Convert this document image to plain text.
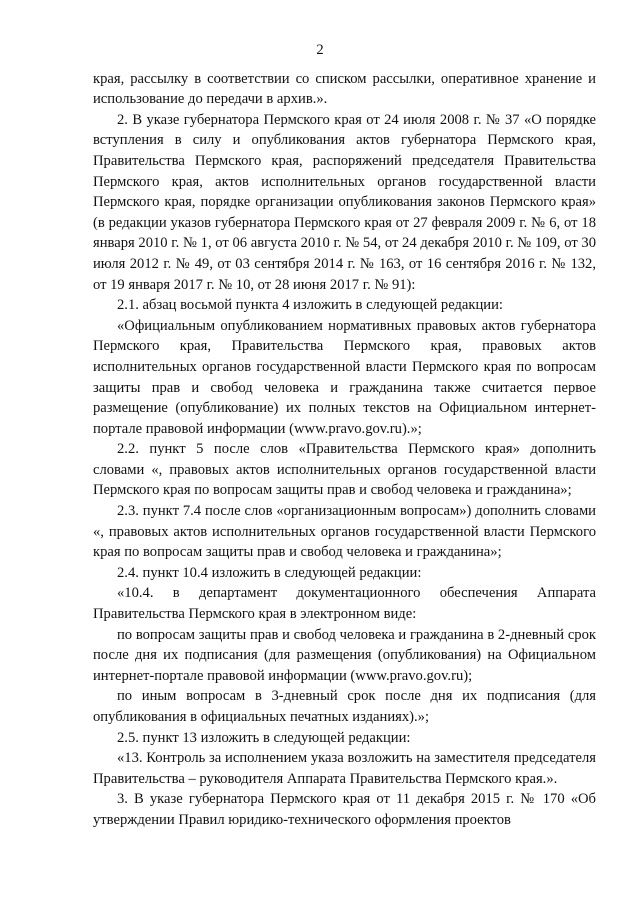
2

края, рассылку в соответствии со списком рассылки, оперативное хранение и использование до передачи в архив.».

2. В указе губернатора Пермского края от 24 июля 2008 г. № 37 «О порядке вступления в силу и опубликования актов губернатора Пермского края, Правительства Пермского края, распоряжений председателя Правительства Пермского края, актов исполнительных органов государственной власти Пермского края, порядке организации опубликования законов Пермского края» (в редакции указов губернатора Пермского края от 27 февраля 2009 г. № 6, от 18 января 2010 г. № 1, от 06 августа 2010 г. № 54, от 24 декабря 2010 г. № 109, от 30 июля 2012 г. № 49, от 03 сентября 2014 г. № 163, от 16 сентября 2016 г. № 132, от 19 января 2017 г. № 10, от 28 июня 2017 г. № 91):

2.1. абзац восьмой пункта 4 изложить в следующей редакции:

«Официальным опубликованием нормативных правовых актов губернатора Пермского края, Правительства Пермского края, правовых актов исполнительных органов государственной власти Пермского края по вопросам защиты прав и свобод человека и гражданина также считается первое размещение (опубликование) их полных текстов на Официальном интернет-портале правовой информации (www.pravo.gov.ru).»;

2.2. пункт 5 после слов «Правительства Пермского края» дополнить словами «, правовых актов исполнительных органов государственной власти Пермского края по вопросам защиты прав и свобод человека и гражданина»;

2.3. пункт 7.4 после слов «организационным вопросам») дополнить словами «, правовых актов исполнительных органов государственной власти Пермского края по вопросам защиты прав и свобод человека и гражданина»;

2.4. пункт 10.4 изложить в следующей редакции:

«10.4. в департамент документационного обеспечения Аппарата Правительства Пермского края в электронном виде:

по вопросам защиты прав и свобод человека и гражданина в 2-дневный срок после дня их подписания (для размещения (опубликования) на Официальном интернет-портале правовой информации (www.pravo.gov.ru);

по иным вопросам в 3-дневный срок после дня их подписания (для опубликования в официальных печатных изданиях).»;

2.5. пункт 13 изложить в следующей редакции:

«13. Контроль за исполнением указа возложить на заместителя председателя Правительства – руководителя Аппарата Правительства Пермского края.».

3. В указе губернатора Пермского края от 11 декабря 2015 г. № 170 «Об утверждении Правил юридико-технического оформления проектов
